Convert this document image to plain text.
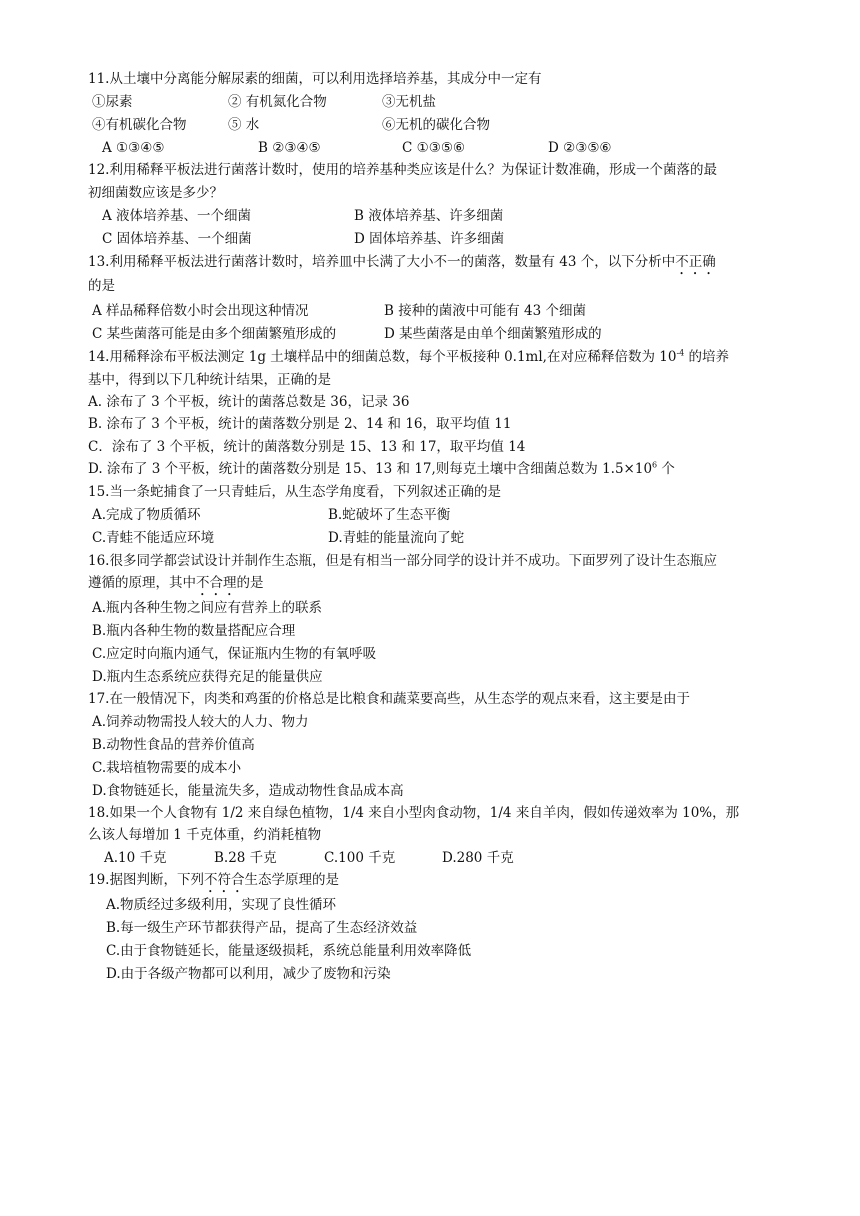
11.从土壤中分离能分解尿素的细菌，可以利用选择培养基，其成分中一定有
①尿素	② 有机氮化合物	③无机盐
④有机碳化合物	⑤ 水	⑥无机的碳化合物
A ①③④⑤	B ②③④⑤	C ①③⑤⑥	D ②③⑤⑥
12.利用稀释平板法进行菌落计数时，使用的培养基种类应该是什么？为保证计数准确，形成一个菌落的最
初细菌数应该是多少？
A 液体培养基、一个细菌	B 液体培养基、许多细菌
C 固体培养基、一个细菌	D 固体培养基、许多细菌
13.利用稀释平板法进行菌落计数时，培养皿中长满了大小不一的菌落，数量有 43 个，以下分析中不正确
的是
A 样品稀释倍数小时会出现这种情况	B 接种的菌液中可能有 43 个细菌
C 某些菌落可能是由多个细菌繁殖形成的	D 某些菌落是由单个细菌繁殖形成的
14.用稀释涂布平板法测定 1g 土壤样品中的细菌总数，每个平板接种 0.1ml,在对应稀释倍数为 $10^{-4}$ 的培养
基中，得到以下几种统计结果，正确的是
A. 涂布了 3 个平板，统计的菌落总数是 36，记录 36
B. 涂布了 3 个平板，统计的菌落数分别是 2、14 和 16，取平均值 11
C．涂布了 3 个平板，统计的菌落数分别是 15、13 和 17，取平均值 14
D. 涂布了 3 个平板，统计的菌落数分别是 15、13 和 17,则每克土壤中含细菌总数为 $1.5\times 10^6$ 个
15.当一条蛇捕食了一只青蛙后，从生态学角度看，下列叙述正确的是
A.完成了物质循环	B.蛇破坏了生态平衡
C.青蛙不能适应环境	D.青蛙的能量流向了蛇
16.很多同学都尝试设计并制作生态瓶，但是有相当一部分同学的设计并不成功。下面罗列了设计生态瓶应
遵循的原理，其中不合理的是
A.瓶内各种生物之间应有营养上的联系
B.瓶内各种生物的数量搭配应合理
C.应定时向瓶内通气，保证瓶内生物的有氧呼吸
D.瓶内生态系统应获得充足的能量供应
17.在一般情况下，肉类和鸡蛋的价格总是比粮食和蔬菜要高些，从生态学的观点来看，这主要是由于
A.饲养动物需投人较大的人力、物力
B.动物性食品的营养价值高
C.栽培植物需要的成本小
D.食物链延长，能量流失多，造成动物性食品成本高
18.如果一个人食物有 1/2 来自绿色植物，1/4 来自小型肉食动物，1/4 来自羊肉，假如传递效率为 10%，那
么该人每增加 1 千克体重，约消耗植物
A.10 千克	B.28 千克	C.100 千克	D.280 千克
19.据图判断，下列不符合生态学原理的是
A.物质经过多级利用，实现了良性循环
B.每一级生产环节都获得产品，提高了生态经济效益
C.由于食物链延长，能量逐级损耗，系统总能量利用效率降低
D.由于各级产物都可以利用，减少了废物和污染
